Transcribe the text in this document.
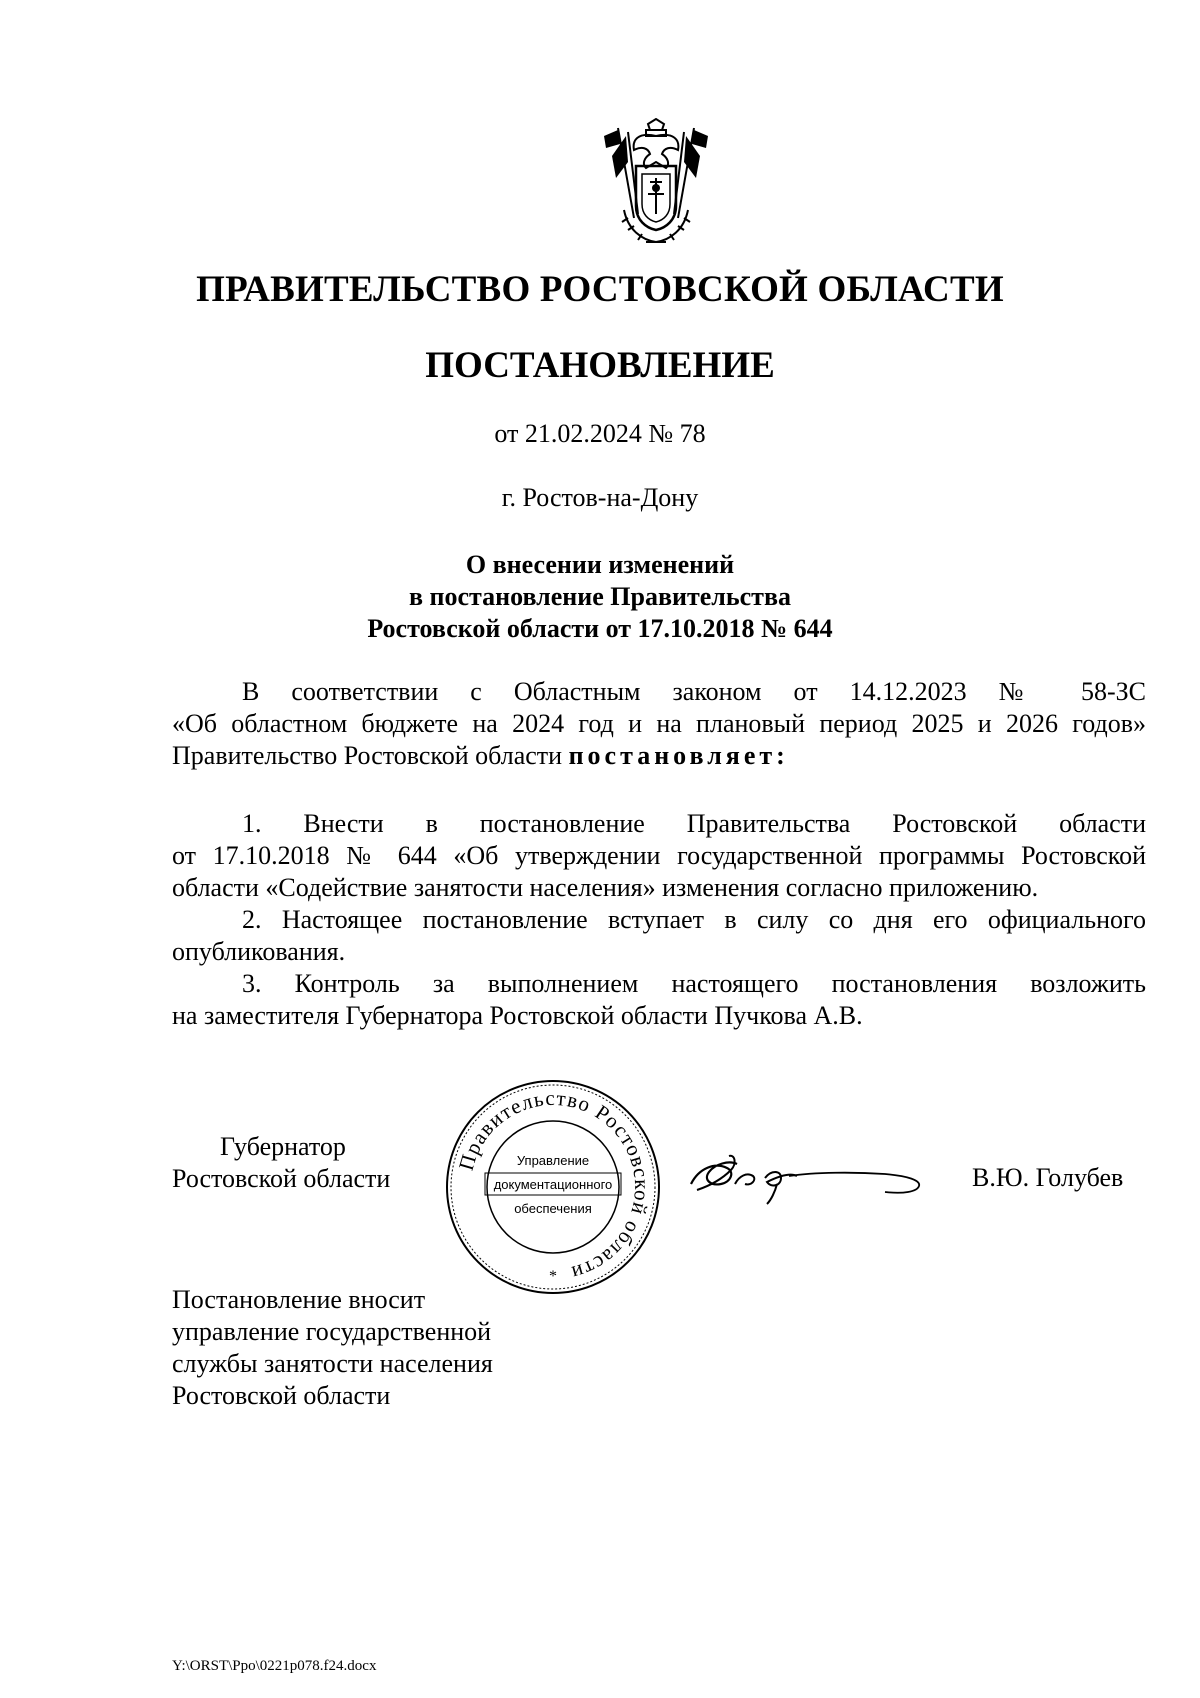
ПРАВИТЕЛЬСТВО РОСТОВСКОЙ ОБЛАСТИ
ПОСТАНОВЛЕНИЕ
от 21.02.2024 № 78
г. Ростов-на-Дону
О внесении изменений
в постановление Правительства
Ростовской области от 17.10.2018 № 644
В соответствии с Областным законом от 14.12.2023 № 58-ЗС
«Об областном бюджете на 2024 год и на плановый период 2025 и 2026 годов»
Правительство Ростовской области постановляет:
1. Внести в постановление Правительства Ростовской области
от 17.10.2018 № 644 «Об утверждении государственной программы Ростовской
области «Содействие занятости населения» изменения согласно приложению.
2. Настоящее постановление вступает в силу со дня его официального
опубликования.
3. Контроль за выполнением настоящего постановления возложить
на заместителя Губернатора Ростовской области Пучкова А.В.
Губернатор
Ростовской области
Правительство Ростовской области
Управление
документационного
обеспечения
*
В.Ю. Голубев
Постановление вносит
управление государственной
службы занятости населения
Ростовской области
Y:\ORST\Ppo\0221p078.f24.docx
